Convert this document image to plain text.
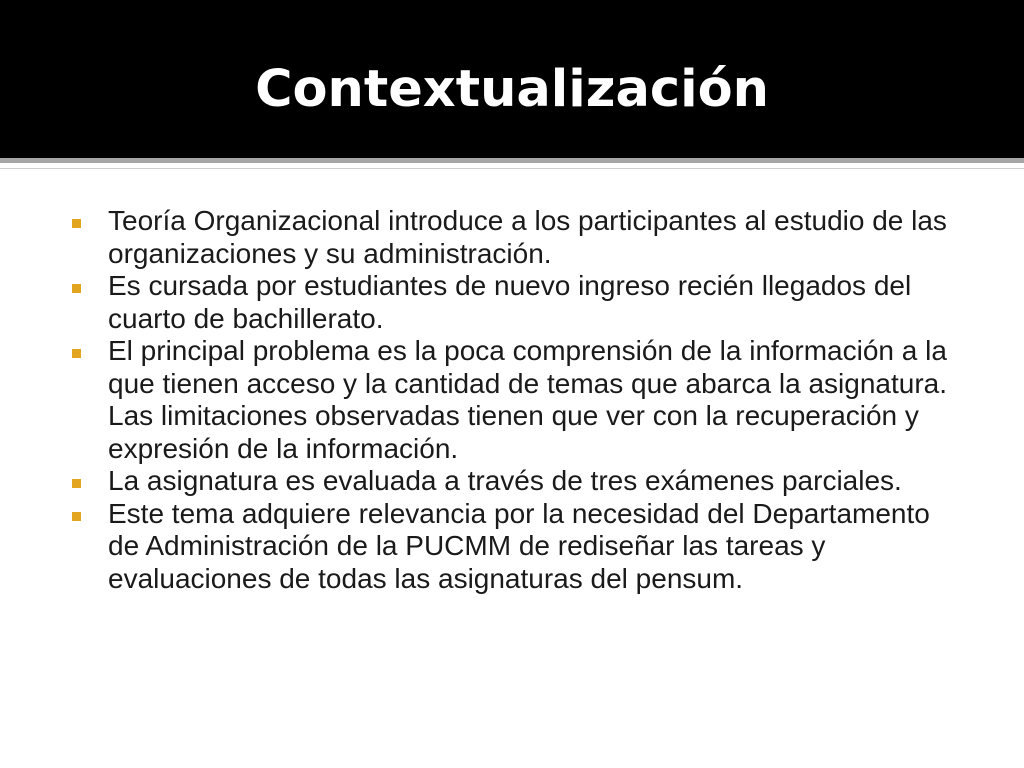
Contextualización
Teoría Organizacional introduce a los participantes al estudio de las organizaciones y su administración.
Es cursada por estudiantes de nuevo ingreso recién llegados del cuarto de bachillerato.
El principal problema es la poca comprensión de la información a la que tienen acceso y la cantidad de temas que abarca la asignatura. Las limitaciones observadas tienen que ver con la recuperación y expresión de la información.
La asignatura es evaluada a través de tres exámenes parciales.
Este tema adquiere relevancia por la necesidad del Departamento de Administración de la PUCMM de rediseñar las tareas y evaluaciones de todas las asignaturas del pensum.
